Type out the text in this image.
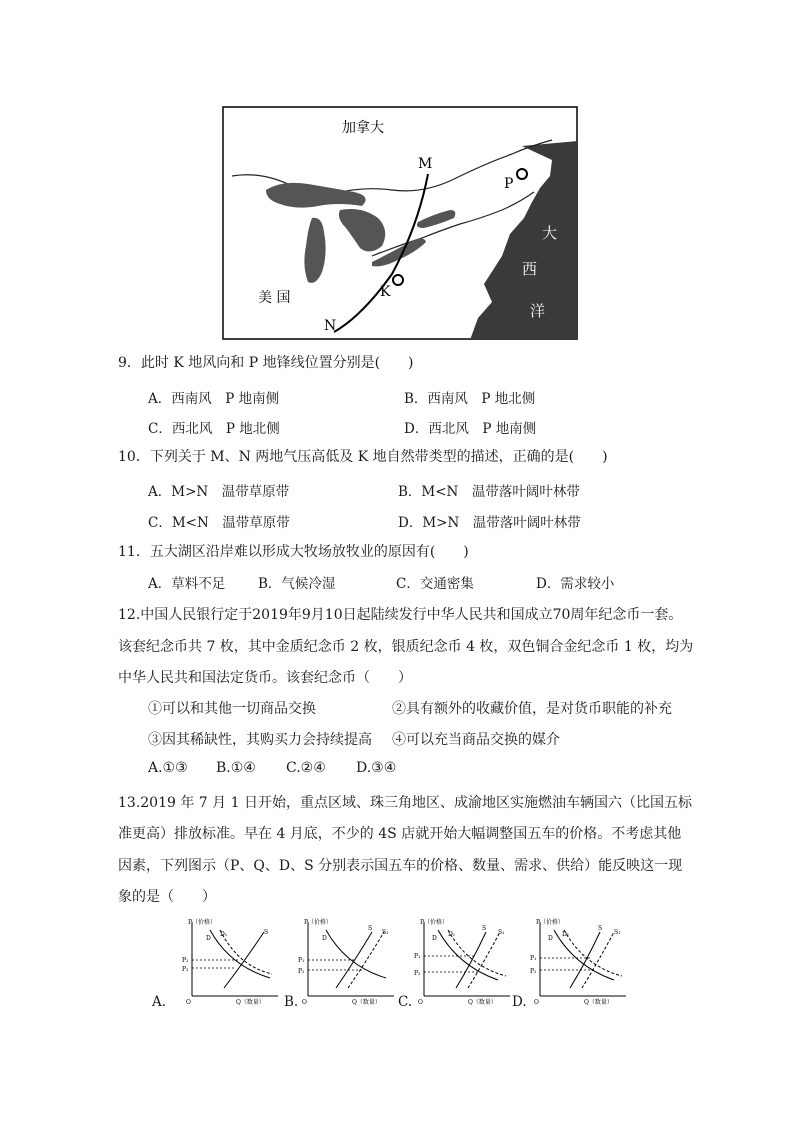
加拿大
美 国
M
N
K
P
大
西
洋
9．此时 K 地风向和 P 地锋线位置分别是(　　)
A．西南风　P 地南侧	B．西南风　P 地北侧
C．西北风　P 地北侧	D．西北风　P 地南侧
10．下列关于 M、N 两地气压高低及 K 地自然带类型的描述，正确的是(　　)
A．M>N　温带草原带	B．M<N　温带落叶阔叶林带
C．M<N　温带草原带	D．M>N　温带落叶阔叶林带
11．五大湖区沿岸难以形成大牧场放牧业的原因有(　　)
A．草料不足 B．气候冷湿	C．交通密集	D．需求较小
12.中国人民银行定于2019年9月10日起陆续发行中华人民共和国成立70周年纪念币一套。
该套纪念币共 7 枚，其中金质纪念币 2 枚，银质纪念币 4 枚，双色铜合金纪念币 1 枚，均为
中华人民共和国法定货币。该套纪念币（　　）
①可以和其他一切商品交换	②具有额外的收藏价值，是对货币职能的补充
③因其稀缺性，其购买力会持续提高 ④可以充当商品交换的媒介
A.①③ B.①④ C.②④ D.③④
13.2019 年 7 月 1 日开始，重点区域、珠三角地区、成渝地区实施燃油车辆国六（比国五标
准更高）排放标准。早在 4 月底，不少的 4S 店就开始大幅调整国五车的价格。不考虑其他
因素，下列图示（P、Q、D、S 分别表示国五车的价格、数量、需求、供给）能反映这一现
象的是（　　）
A.	B.	C.	D.
P（价格）
Q（数量）
O
D
D₁	S
P₁
P₂
P（价格）
Q（数量）
O
D
S
S₁
P₁
P₂
P（价格）
Q（数量）
O
D
D₁
S
S₁
P₁
P₂
P（价格）
Q（数量）
O
D
D₁
S
S₁
P₁
P₂
